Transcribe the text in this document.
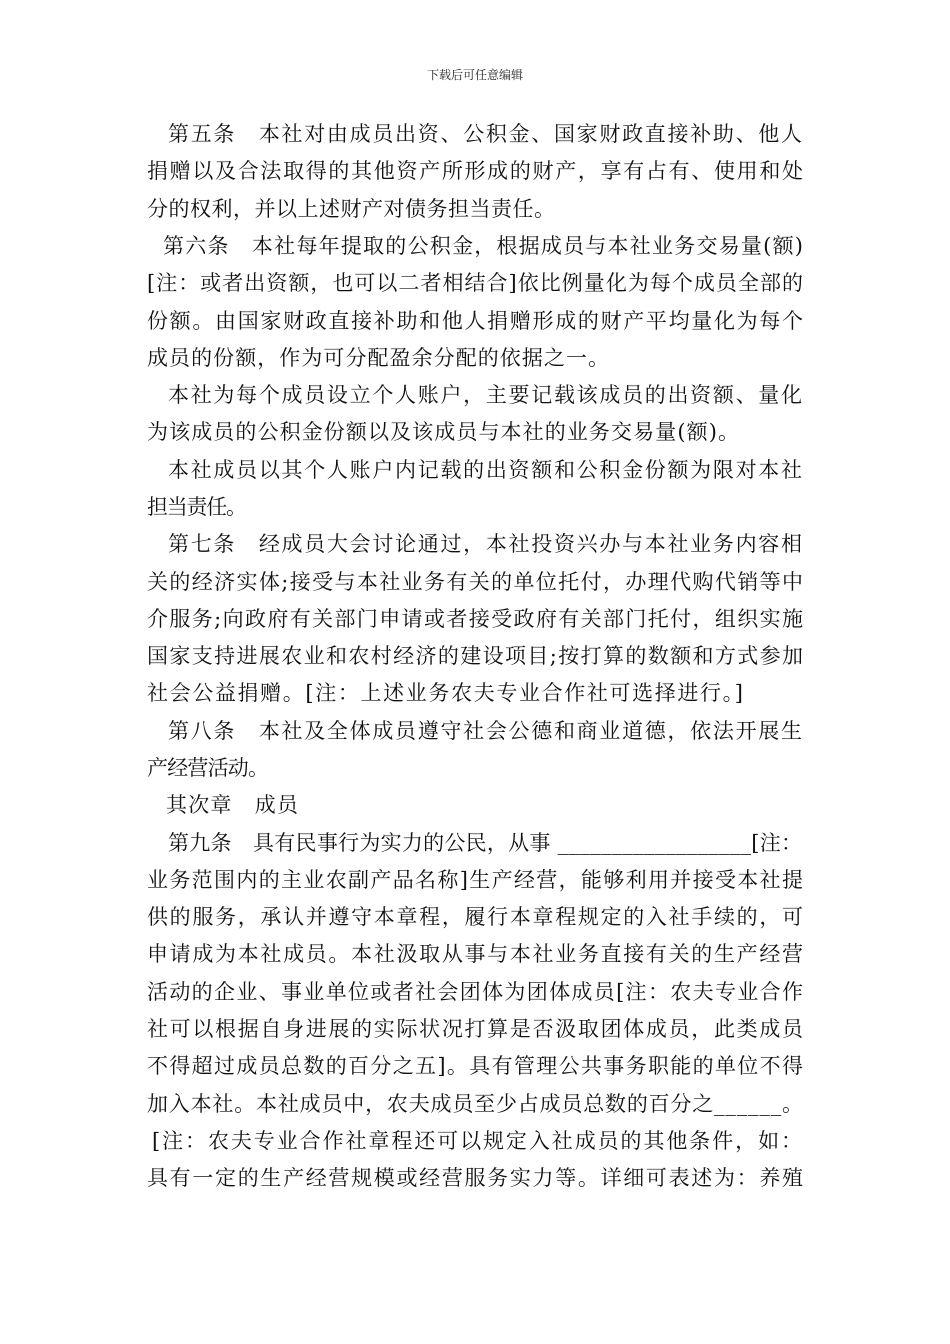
下载后可任意编辑
第五条　本社对由成员出资、公积金、国家财政直接补助、他人
捐赠以及合法取得的其他资产所形成的财产，享有占有、使用和处
分的权利，并以上述财产对债务担当责任。
第六条　本社每年提取的公积金，根据成员与本社业务交易量(额)
[注：或者出资额，也可以二者相结合]依比例量化为每个成员全部的
份额。由国家财政直接补助和他人捐赠形成的财产平均量化为每个
成员的份额，作为可分配盈余分配的依据之一。
本社为每个成员设立个人账户，主要记载该成员的出资额、量化
为该成员的公积金份额以及该成员与本社的业务交易量(额)。
本社成员以其个人账户内记载的出资额和公积金份额为限对本社
担当责任。
第七条　经成员大会讨论通过，本社投资兴办与本社业务内容相
关的经济实体;接受与本社业务有关的单位托付，办理代购代销等中
介服务;向政府有关部门申请或者接受政府有关部门托付，组织实施
国家支持进展农业和农村经济的建设项目;按打算的数额和方式参加
社会公益捐赠。[注：上述业务农夫专业合作社可选择进行。]
第八条　本社及全体成员遵守社会公德和商业道德，依法开展生
产经营活动。
其次章　成员
第九条　具有民事行为实力的公民，从事 __________________[注：
业务范围内的主业农副产品名称]生产经营，能够利用并接受本社提
供的服务，承认并遵守本章程，履行本章程规定的入社手续的，可
申请成为本社成员。本社汲取从事与本社业务直接有关的生产经营
活动的企业、事业单位或者社会团体为团体成员[注：农夫专业合作
社可以根据自身进展的实际状况打算是否汲取团体成员，此类成员
不得超过成员总数的百分之五]。具有管理公共事务职能的单位不得
加入本社。本社成员中，农夫成员至少占成员总数的百分之______。
[注：农夫专业合作社章程还可以规定入社成员的其他条件，如：
具有一定的生产经营规模或经营服务实力等。详细可表述为：养殖
